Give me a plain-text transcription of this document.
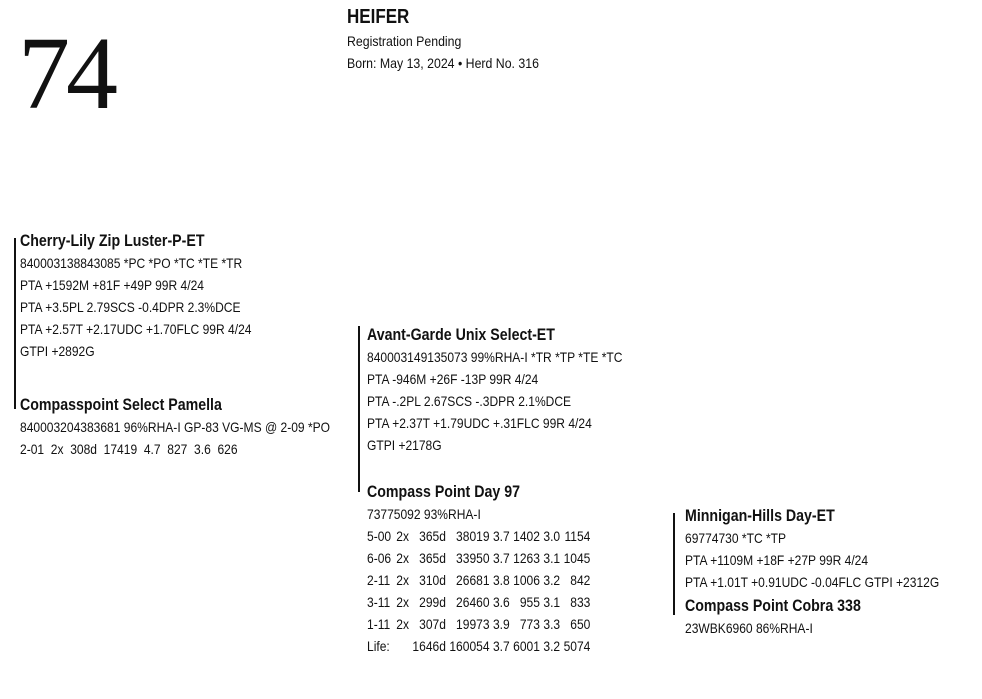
74	HEIFER
Registration Pending
Born: May 13, 2024 • Herd No. 316
Cherry-Lily Zip Luster-P-ET
840003138843085 *PC *PO *TC *TE *TR
PTA +1592M +81F +49P 99R 4/24
PTA +3.5PL 2.79SCS -0.4DPR 2.3%DCE
PTA +2.57T +2.17UDC +1.70FLC 99R 4/24
GTPI +2892G
Compasspoint Select Pamella
840003204383681 96%RHA-I GP-83 VG-MS @ 2-09 *PO
2-01  2x  308d  17419  4.7  827  3.6  626
Avant-Garde Unix Select-ET
840003149135073 99%RHA-I *TR *TP *TE *TC
PTA -946M +26F -13P 99R 4/24
PTA -.2PL 2.67SCS -.3DPR 2.1%DCE
PTA +2.37T +1.79UDC +.31FLC 99R 4/24
GTPI +2178G
Compass Point Day 97
73775092 93%RHA-I
5-00	2x	365d	38019	3.7	1402	3.0	1154
6-06	2x	365d	33950	3.7	1263	3.1	1045
2-11	2x	310d	26681	3.8	1006	3.2	842
3-11	2x	299d	26460	3.6	955	3.1	833
1-11	2x	307d	19973	3.9	773	3.3	650
Life:		1646d	160054	3.7	6001	3.2	5074
Minnigan-Hills Day-ET
69774730 *TC *TP
PTA +1109M +18F +27P 99R 4/24
PTA +1.01T +0.91UDC -0.04FLC GTPI +2312G
Compass Point Cobra 338
23WBK6960 86%RHA-I
